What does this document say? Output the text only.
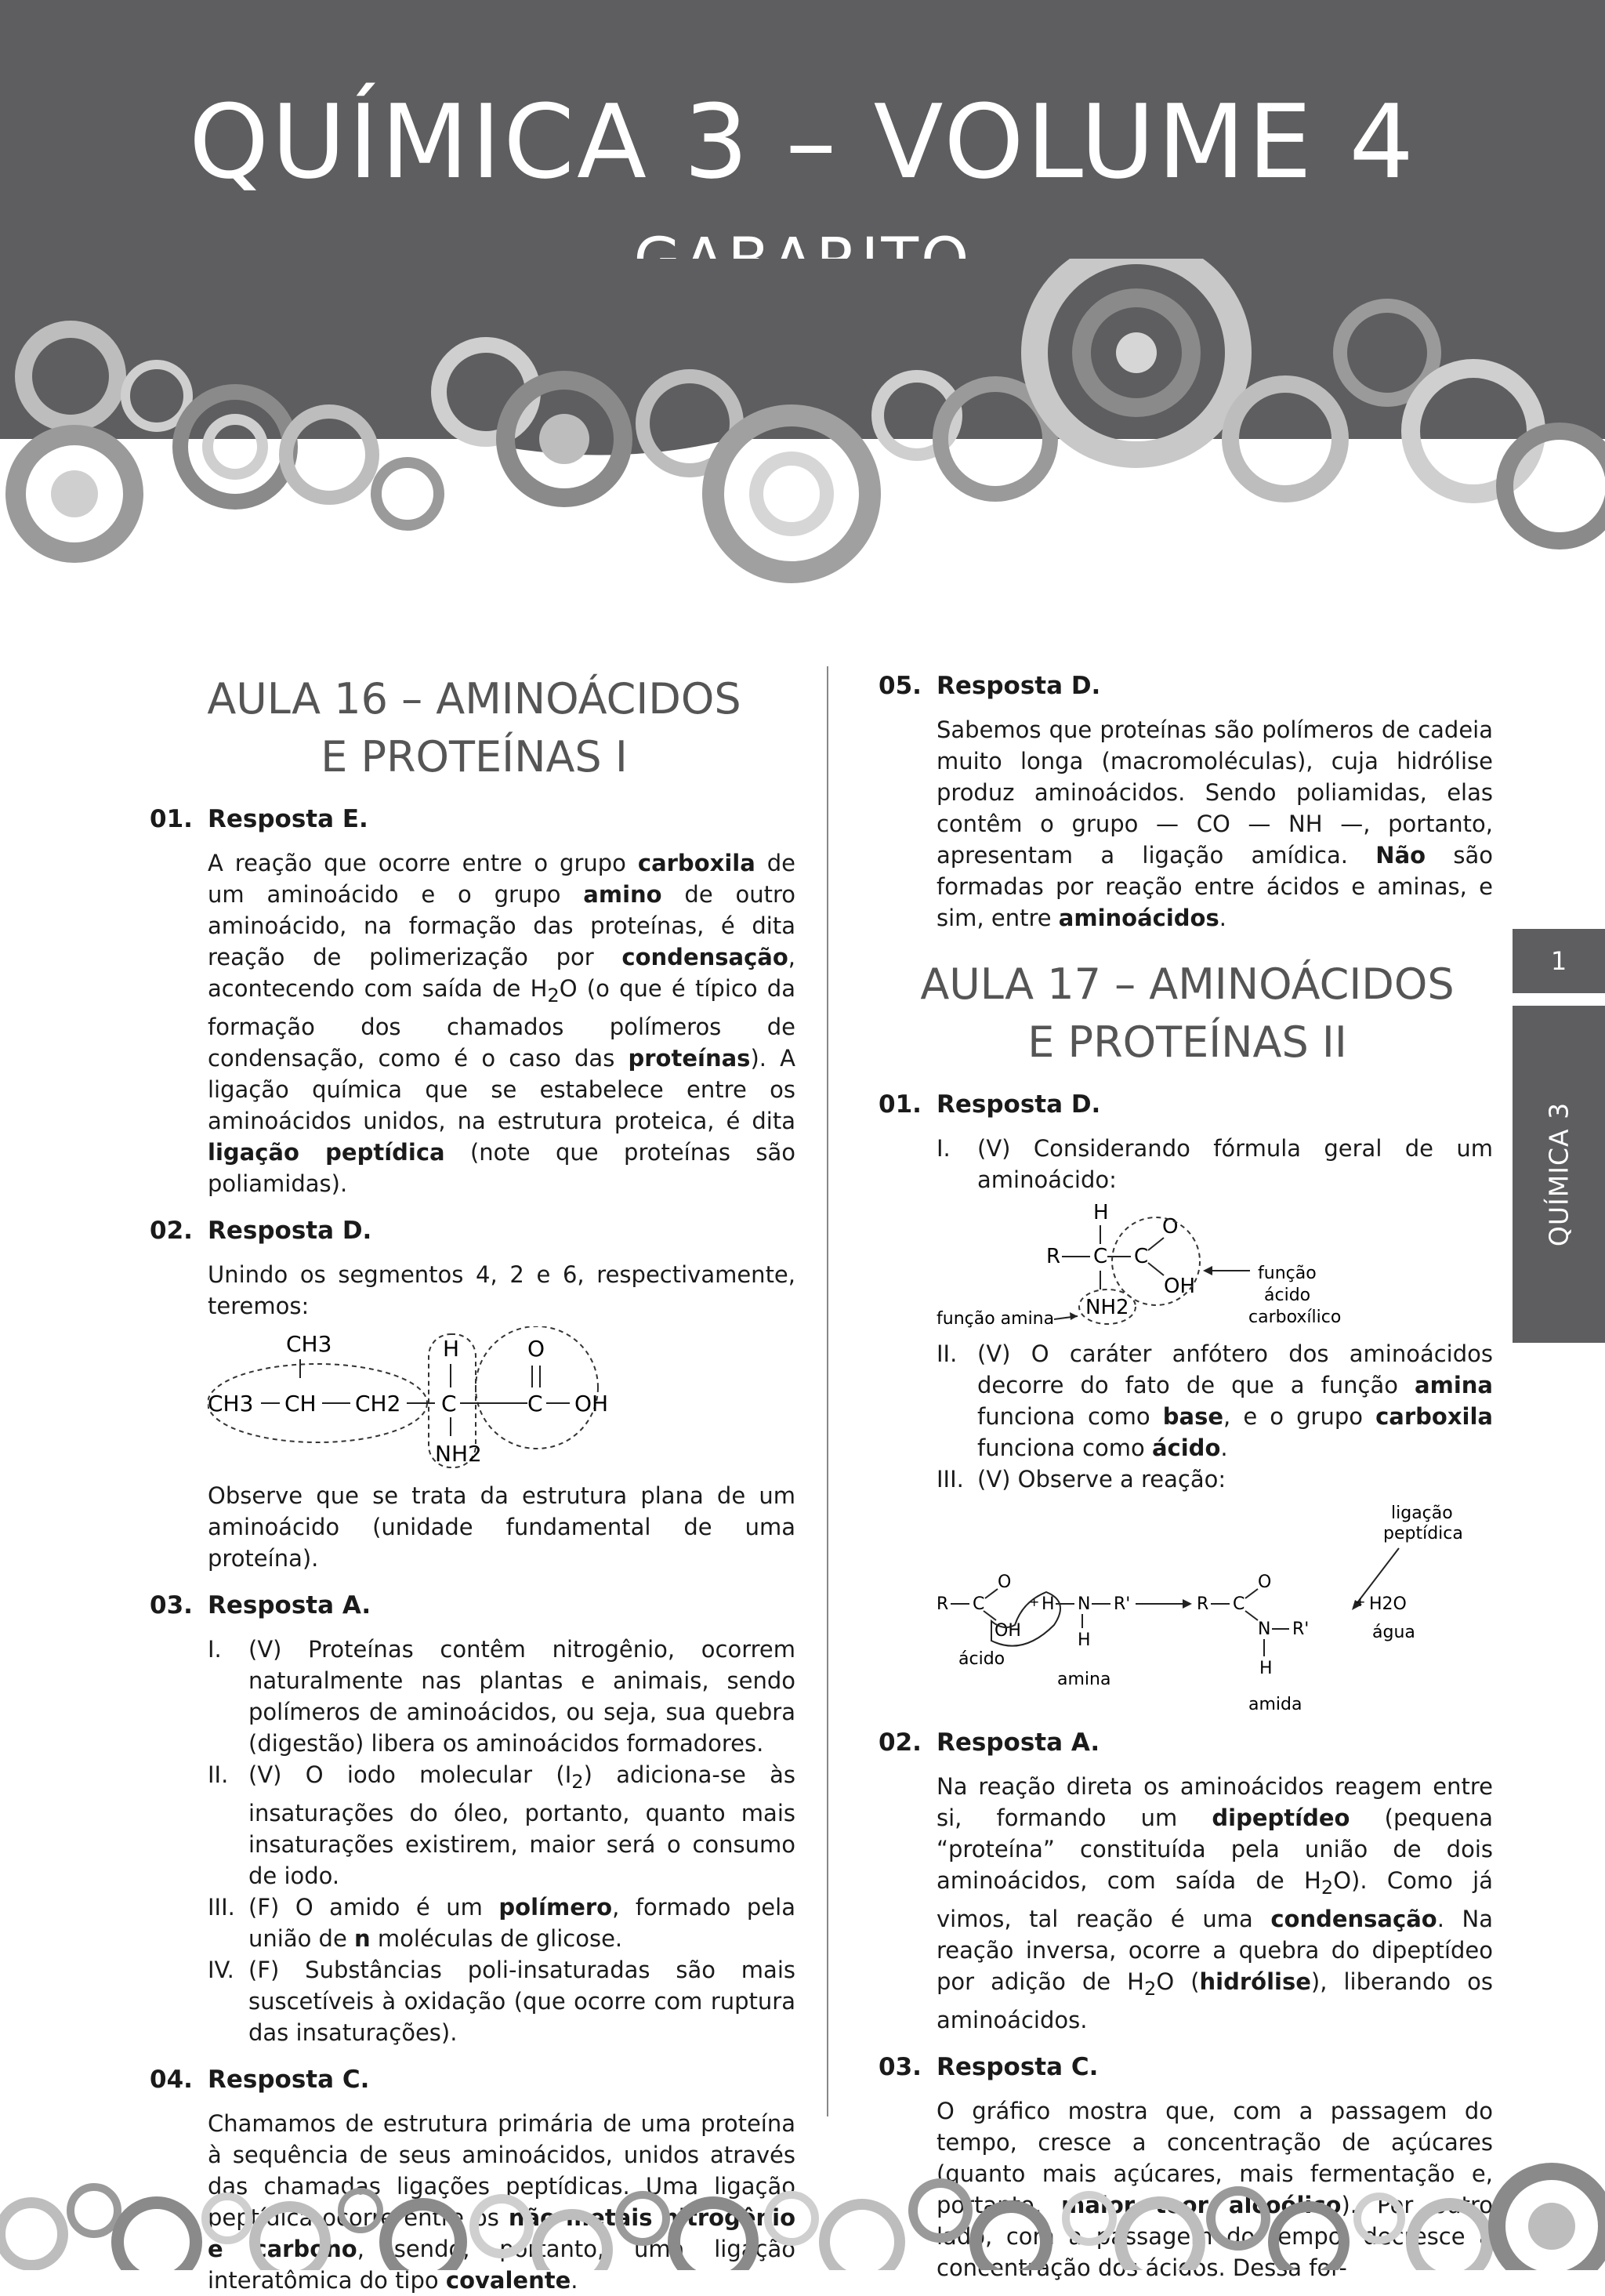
QUÍMICA 3 – VOLUME 4
AULA 16 – AMINOÁCIDOS
E PROTEÍNAS I
01. Resposta E.

A reação que ocorre entre o grupo carboxila de um aminoácido e o grupo amino de outro aminoácido, na formação das proteínas, é dita reação de polimerização por condensação, acontecendo com saída de $H_2O$ (o que é típico da formação dos chamados polímeros de condensação, como é o caso das proteínas). A ligação química que se estabelece entre os aminoácidos unidos, na estrutura proteica, é dita ligação peptídica (note que proteínas são poliamidas).

02. Resposta D.

Unindo os segmentos 4, 2 e 6, respectivamente, teremos:

CH3
CH3 CH CH2
H
C
NH2
O
C OH

Observe que se trata da estrutura plana de um aminoácido (unidade fundamental de uma proteína).

03. Resposta A.
I.	(V) Proteínas contêm nitrogênio, ocorrem naturalmente nas plantas e animais, sendo polímeros de aminoácidos, ou seja, sua quebra (digestão) libera os aminoácidos formadores.
II. (V) O iodo molecular $(I_2)$ adiciona-se às insaturações do óleo, portanto, quanto mais insaturações existirem, maior será o consumo de iodo.
III. (F) O amido é um polímero, formado pela união de n moléculas de glicose.
IV. (F) Substâncias poli-insaturadas são mais suscetíveis à oxidação (que ocorre com ruptura das insaturações).
04. Resposta C.

Chamamos de estrutura primária de uma proteína à sequência de seus aminoácidos, unidos através das chamadas ligações peptídicas. Uma ligação peptídica ocorre entre os não metais nitrogênio e carbono, sendo, portanto, uma ligação interatômica do tipo covalente.

05. Resposta D.

Sabemos que proteínas são polímeros de cadeia muito longa (macromoléculas), cuja hidrólise produz aminoácidos. Sendo poliamidas, elas contêm o grupo — CO — NH —, portanto, apresentam a ligação amídica. Não são formadas por reação entre ácidos e aminas, e sim, entre aminoácidos.

AULA 17 – AMINOÁCIDOS
E PROTEÍNAS II
01. Resposta D.
I.	(V) Considerando fórmula geral de um aminoácido:
H
R C C
O
OH
NH2
função amina
função
ácido
carboxílico
II. (V) O caráter anfótero dos aminoácidos decorre do fato de que a função amina funciona como base, e o grupo carboxila funciona como ácido.
III. (V) Observe a reação:
ligação
peptídica
R C
O
OH
+ H N R'
H
R C
O
N R'
H
+ H2O
ácido
amina
amida
água
02. Resposta A.

Na reação direta os aminoácidos reagem entre si, formando um dipeptídeo (pequena “proteína” constituída pela união de dois aminoácidos, com saída de $H_2O$). Como já vimos, tal reação é uma condensação. Na reação inversa, ocorre a quebra do dipeptídeo por adição de $H_2O$ (hidrólise), liberando os aminoácidos.

03. Resposta C.

O gráfico mostra que, com a passagem do tempo, cresce a concentração de açúcares (quanto mais açúcares, mais fermentação e, portanto, maior teor alcoólico). Por outro lado, com a passagem do tempo, decresce a concentração dos ácidos. Dessa for-

1
QUÍMICA 3
